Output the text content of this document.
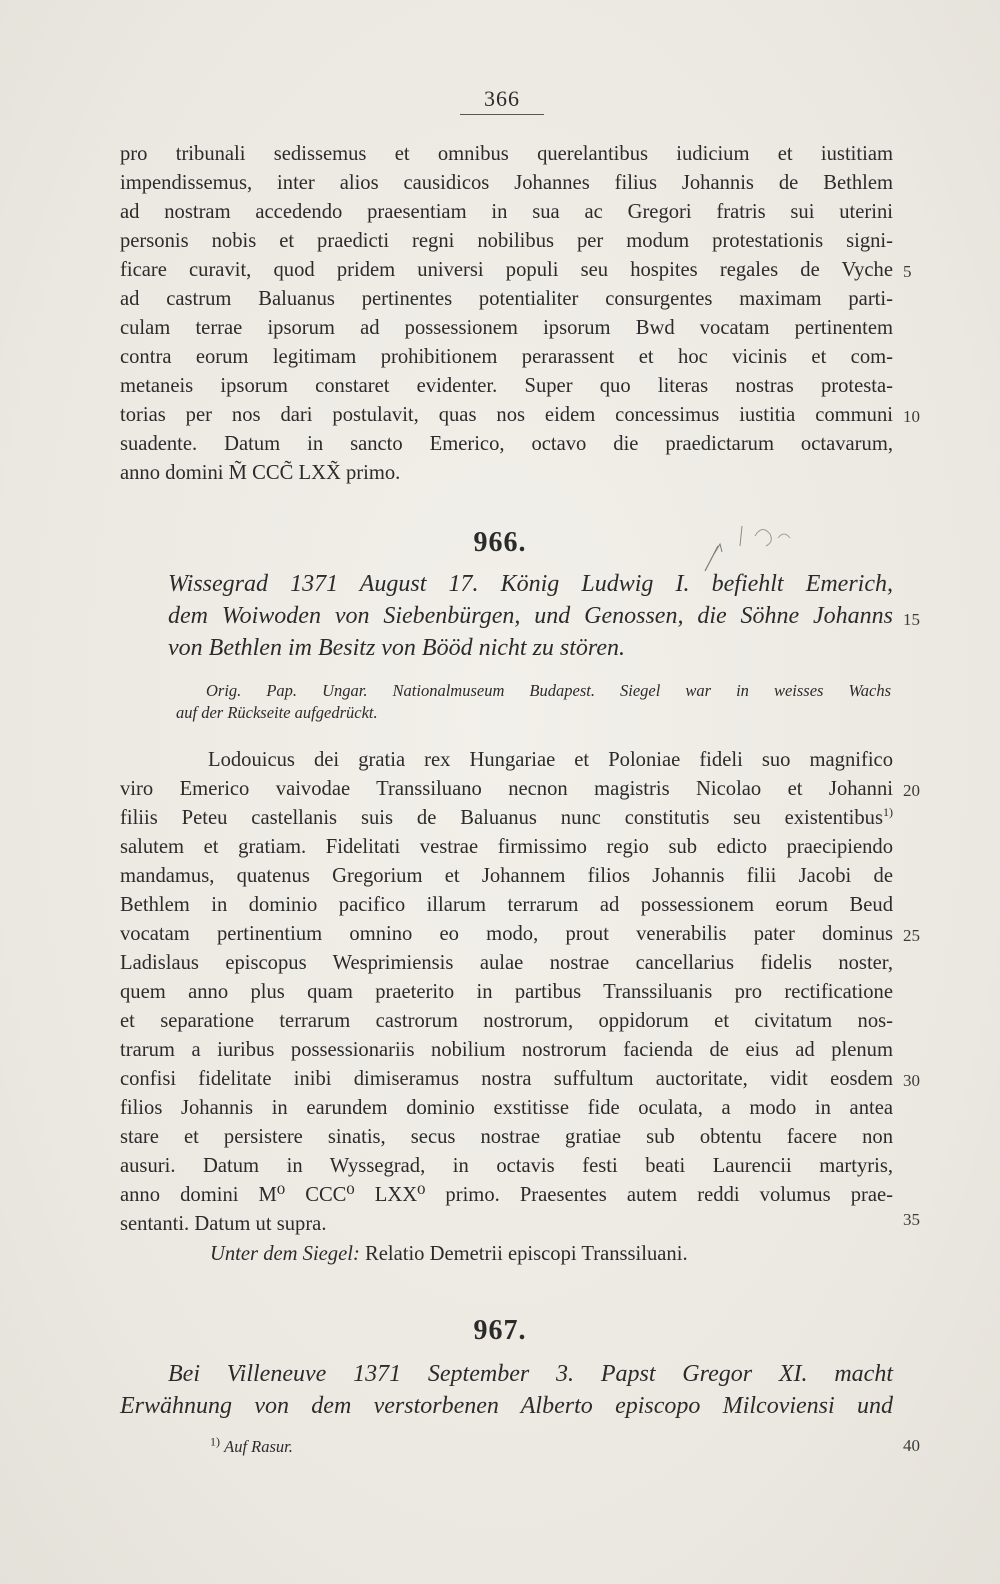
366
pro tribunali sedissemus et omnibus querelantibus iudicium et iustitiam
impendissemus, inter alios causidicos Johannes filius Johannis de Bethlem
ad nostram accedendo praesentiam in sua ac Gregori fratris sui uterini
personis nobis et praedicti regni nobilibus per modum protestationis signi-
ficare curavit, quod pridem universi populi seu hospites regales de Vyche
ad castrum Baluanus pertinentes potentialiter consurgentes maximam parti-
culam terrae ipsorum ad possessionem ipsorum Bwd vocatam pertinentem
contra eorum legitimam prohibitionem perarassent et hoc vicinis et com-
metaneis ipsorum constaret evidenter. Super quo literas nostras protesta-
torias per nos dari postulavit, quas nos eidem concessimus iustitia communi
suadente. Datum in sancto Emerico, octavo die praedictarum octavarum,
anno domini M̃ CCC̃ LXX̃ primo.
966.
Wissegrad 1371 August 17. König Ludwig I. befiehlt Emerich,
dem Woiwoden von Siebenbürgen, und Genossen, die Söhne Johanns
von Bethlen im Besitz von Bööd nicht zu stören.
Orig. Pap. Ungar. Nationalmuseum Budapest. Siegel war in weisses Wachs
auf der Rückseite aufgedrückt.
Lodouicus dei gratia rex Hungariae et Poloniae fideli suo magnifico
viro Emerico vaivodae Transsiluano necnon magistris Nicolao et Johanni
filiis Peteu castellanis suis de Baluanus nunc constitutis seu existentibus$^{1)}$
salutem et gratiam. Fidelitati vestrae firmissimo regio sub edicto praecipiendo
mandamus, quatenus Gregorium et Johannem filios Johannis filii Jacobi de
Bethlem in dominio pacifico illarum terrarum ad possessionem eorum Beud
vocatam pertinentium omnino eo modo, prout venerabilis pater dominus
Ladislaus episcopus Wesprimiensis aulae nostrae cancellarius fidelis noster,
quem anno plus quam praeterito in partibus Transsiluanis pro rectificatione
et separatione terrarum castrorum nostrorum, oppidorum et civitatum nos-
trarum a iuribus possessionariis nobilium nostrorum facienda de eius ad plenum
confisi fidelitate inibi dimiseramus nostra suffultum auctoritate, vidit eosdem
filios Johannis in earundem dominio exstitisse fide oculata, a modo in antea
stare et persistere sinatis, secus nostrae gratiae sub obtentu facere non
ausuri. Datum in Wyssegrad, in octavis festi beati Laurencii martyris,
anno domini M⁰ CCC⁰ LXX⁰ primo. Praesentes autem reddi volumus prae-
sentanti. Datum ut supra.
Unter dem Siegel: Relatio Demetrii episcopi Transsiluani.
967.
Bei Villeneuve 1371 September 3. Papst Gregor XI. macht
Erwähnung von dem verstorbenen Alberto episcopo Milcoviensi und
$^{1)}$ Auf Rasur.
5
10
15
20
25
30
35
40
